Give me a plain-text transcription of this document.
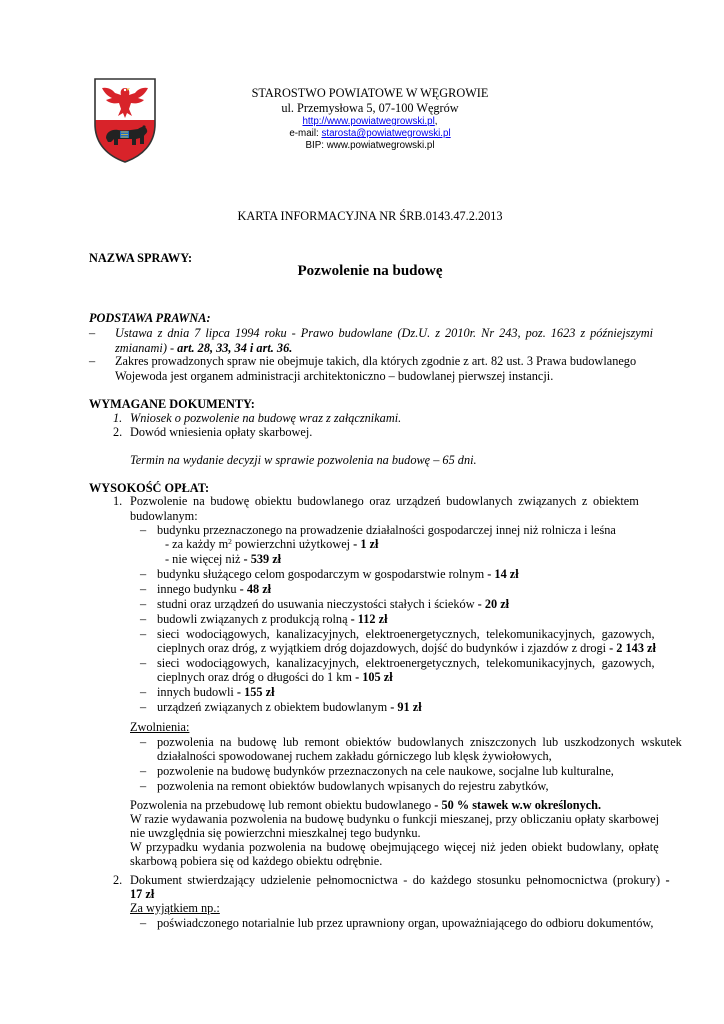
STAROSTWO POWIATOWE W WĘGROWIE
ul. Przemysłowa 5, 07-100 Węgrów
http://www.powiatwegrowski.pl,
e-mail: starosta@powiatwegrowski.pl
BIP: www.powiatwegrowski.pl
KARTA INFORMACYJNA NR ŚRB.0143.47.2.2013
NAZWA SPRAWY:
Pozwolenie na budowę
PODSTAWA PRAWNA:
– Ustawa z dnia 7 lipca 1994 roku - Prawo budowlane (Dz.U. z 2010r. Nr 243, poz. 1623 z późniejszymi zmianami) - art. 28, 33, 34 i art. 36.
– Zakres prowadzonych spraw nie obejmuje takich, dla których zgodnie z art. 82 ust. 3 Prawa budowlanego
Wojewoda jest organem administracji architektoniczno – budowlanej pierwszej instancji.
WYMAGANE DOKUMENTY:
1. Wniosek o pozwolenie na budowę wraz z załącznikami.
2. Dowód wniesienia opłaty skarbowej.
Termin na wydanie decyzji w sprawie pozwolenia na budowę – 65 dni.
WYSOKOŚĆ OPŁAT:
1. Pozwolenie na budowę obiektu budowlanego oraz urządzeń budowlanych związanych z obiektem
budowlanym:
– budynku przeznaczonego na prowadzenie działalności gospodarczej innej niż rolnicza i leśna
- za każdy $m^2$ powierzchni użytkowej - 1 zł
- nie więcej niż - 539 zł
– budynku służącego celom gospodarczym w gospodarstwie rolnym - 14 zł
– innego budynku - 48 zł
– studni oraz urządzeń do usuwania nieczystości stałych i ścieków - 20 zł
– budowli związanych z produkcją rolną - 112 zł
– sieci wodociągowych, kanalizacyjnych, elektroenergetycznych, telekomunikacyjnych, gazowych,
cieplnych oraz dróg, z wyjątkiem dróg dojazdowych, dojść do budynków i zjazdów z drogi - 2 143 zł
– sieci wodociągowych, kanalizacyjnych, elektroenergetycznych, telekomunikacyjnych, gazowych,
cieplnych oraz dróg o długości do 1 km - 105 zł
– innych budowli - 155 zł
– urządzeń związanych z obiektem budowlanym - 91 zł
Zwolnienia:
– pozwolenia na budowę lub remont obiektów budowlanych zniszczonych lub uszkodzonych wskutek
działalności spowodowanej ruchem zakładu górniczego lub klęsk żywiołowych,
– pozwolenie na budowę budynków przeznaczonych na cele naukowe, socjalne lub kulturalne,
– pozwolenia na remont obiektów budowlanych wpisanych do rejestru zabytków,
Pozwolenia na przebudowę lub remont obiektu budowlanego - 50 % stawek w.w określonych.
W razie wydawania pozwolenia na budowę budynku o funkcji mieszanej, przy obliczaniu opłaty skarbowej
nie uwzględnia się powierzchni mieszkalnej tego budynku.
W przypadku wydania pozwolenia na budowę obejmującego więcej niż jeden obiekt budowlany, opłatę
skarbową pobiera się od każdego obiektu odrębnie.
2. Dokument stwierdzający udzielenie pełnomocnictwa - do każdego stosunku pełnomocnictwa (prokury) -
17 zł
Za wyjątkiem np.:
– poświadczonego notarialnie lub przez uprawniony organ, upoważniającego do odbioru dokumentów,
